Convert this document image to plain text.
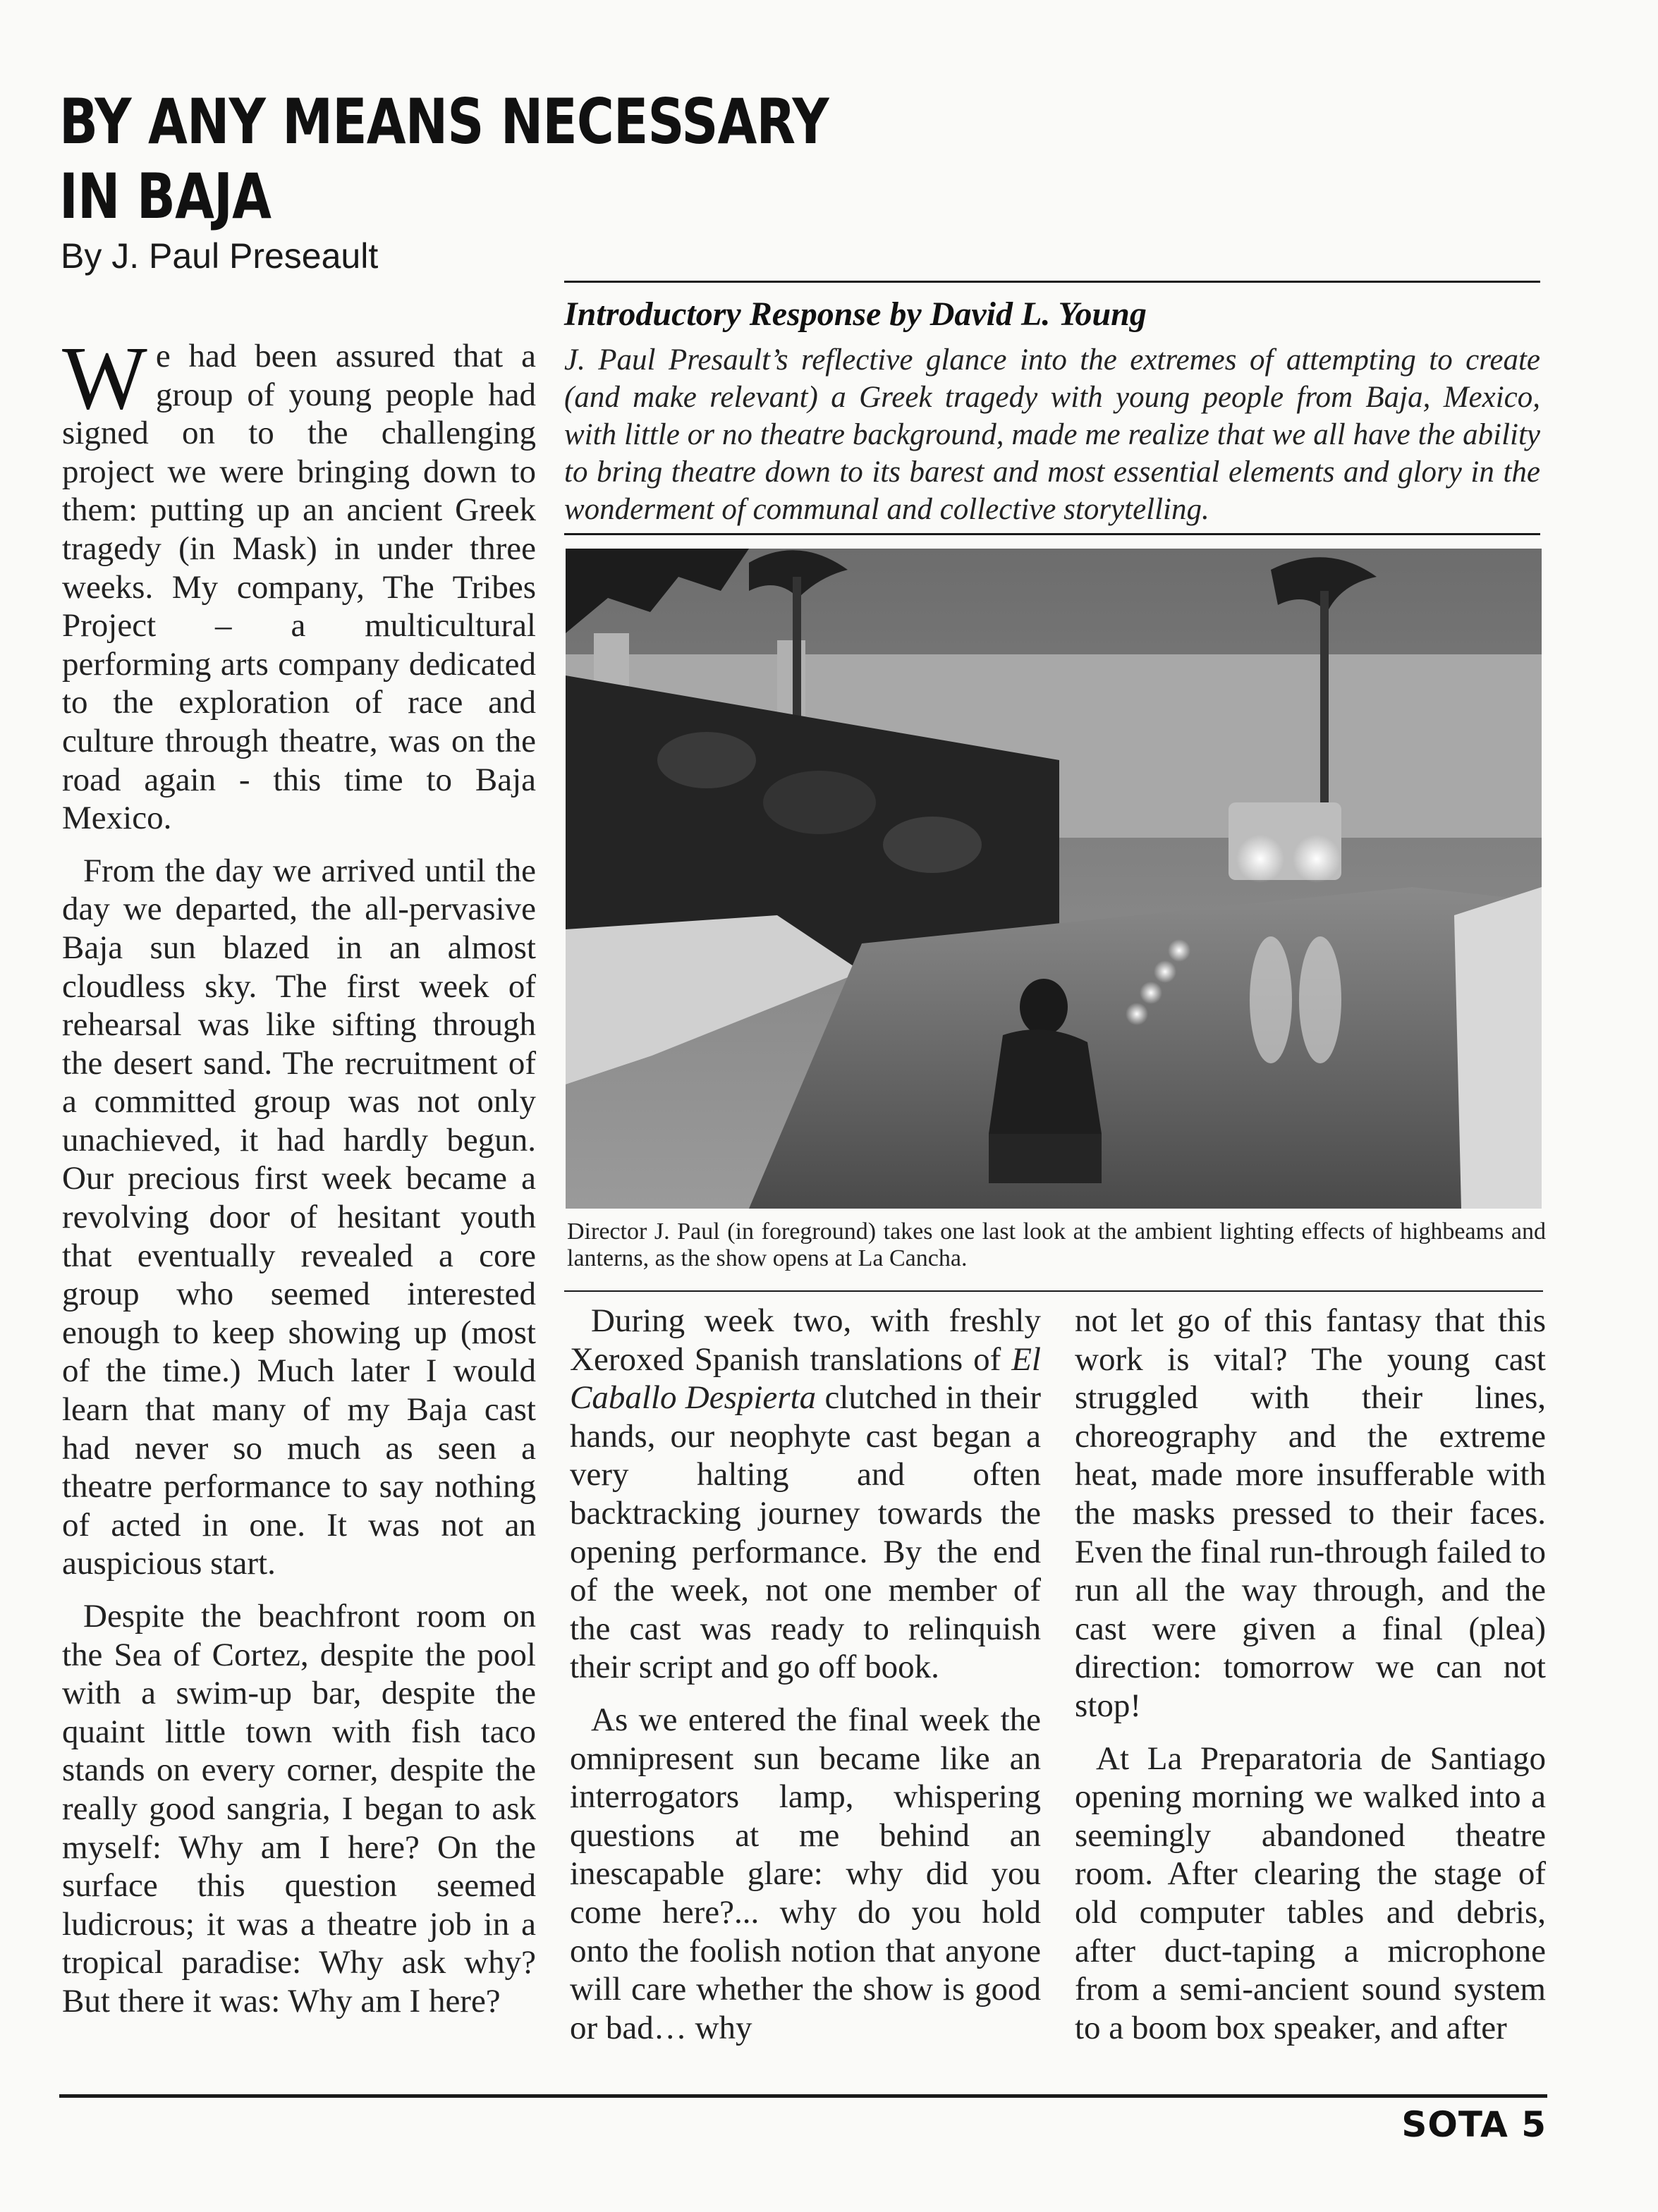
BY ANY MEANS NECESSARY
IN BAJA

By J. Paul Preseault

Introductory Response by David L. Young

J. Paul Presault’s reflective glance into the extremes of attempting to create (and make relevant) a Greek tragedy with young people from Baja, Mexico, with little or no theatre background, made me realize that we all have the ability to bring theatre down to its barest and most essential elements and glory in the wonderment of communal and collective storytelling.

Director J. Paul (in foreground) takes one last look at the ambient lighting effects of highbeams and lanterns, as the show opens at La Cancha.

We had been assured that a group of young people had signed on to the challenging project we were bringing down to them: putting up an ancient Greek tragedy (in Mask) in under three weeks. My company, The Tribes Project – a multicultural performing arts company dedicated to the exploration of race and culture through theatre, was on the road again - this time to Baja Mexico.

From the day we arrived until the day we departed, the all-pervasive Baja sun blazed in an almost cloudless sky. The first week of rehearsal was like sifting through the desert sand. The recruitment of a committed group was not only unachieved, it had hardly begun. Our precious first week became a revolving door of hesitant youth that eventually revealed a core group who seemed interested enough to keep showing up (most of the time.) Much later I would learn that many of my Baja cast had never so much as seen a theatre performance to say nothing of acted in one. It was not an auspicious start.

Despite the beachfront room on the Sea of Cortez, despite the pool with a swim-up bar, despite the quaint little town with fish taco stands on every corner, despite the really good sangria, I began to ask myself: Why am I here? On the surface this question seemed ludicrous; it was a theatre job in a tropical paradise: Why ask why? But there it was: Why am I here?

During week two, with freshly Xeroxed Spanish translations of El Caballo Despierta clutched in their hands, our neophyte cast began a very halting and often backtracking journey towards the opening performance. By the end of the week, not one member of the cast was ready to relinquish their script and go off book.

As we entered the final week the omnipresent sun became like an interrogators lamp, whispering questions at me behind an inescapable glare: why did you come here?... why do you hold onto the foolish notion that anyone will care whether the show is good or bad… why

not let go of this fantasy that this work is vital? The young cast struggled with their lines, choreography and the extreme heat, made more insufferable with the masks pressed to their faces. Even the final run-through failed to run all the way through, and the cast were given a final (plea) direction: tomorrow we can not stop!

At La Preparatoria de Santiago opening morning we walked into a seemingly abandoned theatre room. After clearing the stage of old computer tables and debris, after duct-taping a microphone from a semi-ancient sound system to a boom box speaker, and after

SOTA 5
